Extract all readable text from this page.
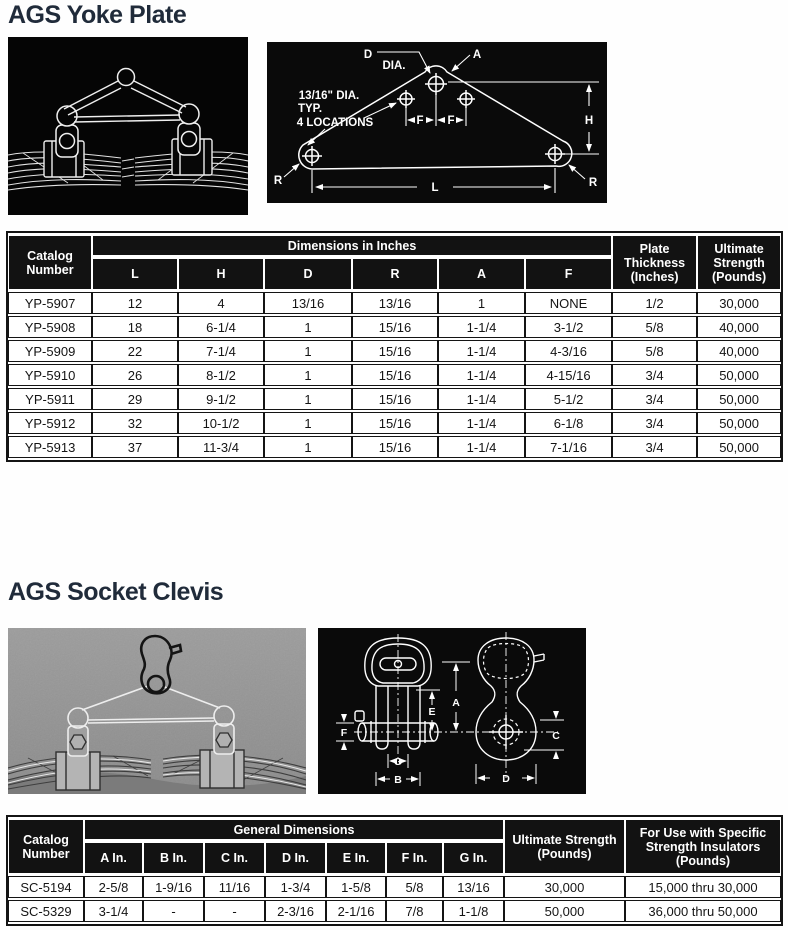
AGS Yoke Plate
D
DIA.
A
13/16" DIA.
TYP.
4 LOCATIONS	F F	H
L
R	R
Catalog Number	Dimensions in Inches						Plate Thickness (Inches)	Ultimate Strength (Pounds)
	L	H	D	R	A	F		
YP-5907	12	4	13/16	13/16	1	NONE	1/2	30,000
YP-5908	18	6-1/4	1	15/16	1-1/4	3-1/2	5/8	40,000
YP-5909	22	7-1/4	1	15/16	1-1/4	4-3/16	5/8	40,000
YP-5910	26	8-1/2	1	15/16	1-1/4	4-15/16	3/4	50,000
YP-5911	29	9-1/2	1	15/16	1-1/4	5-1/2	3/4	50,000
YP-5912	32	10-1/2	1	15/16	1-1/4	6-1/8	3/4	50,000
YP-5913	37	11-3/4	1	15/16	1-1/4	7-1/16	3/4	50,000
AGS Socket Clevis
E
A
F
G
B
C
D
Catalog Number	General Dimensions							Ultimate Strength (Pounds)	For Use with Specific Strength Insulators (Pounds)
	A In.	B In.	C In.	D In.	E In.	F In.	G In.		
SC-5194	2-5/8	1-9/16	11/16	1-3/4	1-5/8	5/8	13/16	30,000	15,000 thru 30,000
SC-5329	3-1/4	-	-	2-3/16	2-1/16	7/8	1-1/8	50,000	36,000 thru 50,000
